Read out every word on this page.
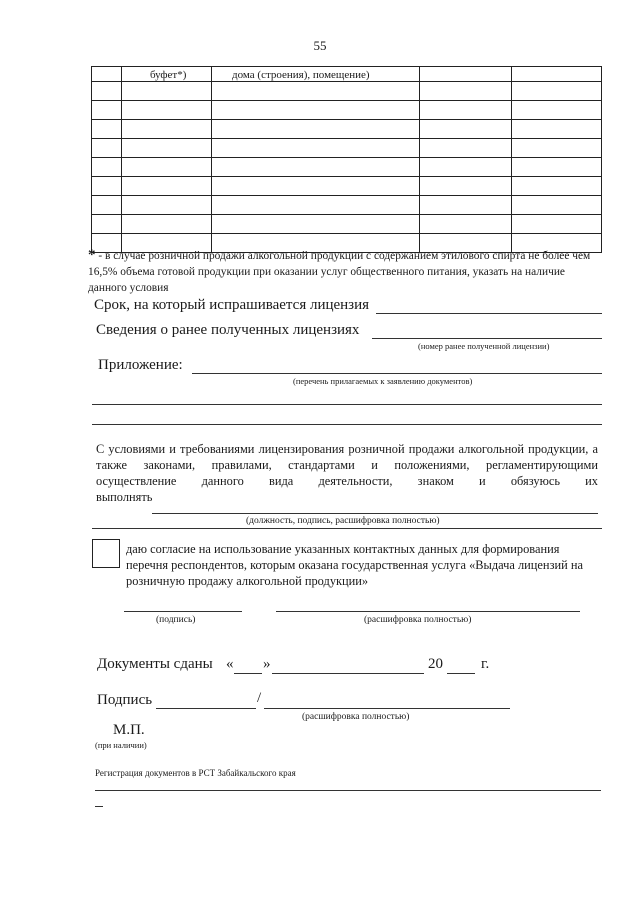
55
	буфет*)	дома (строения), помещение)		

* - в случае розничной продажи алкогольной продукции с содержанием этилового спирта не более чем 16,5% объема готовой продукции при оказании услуг общественного питания, указать на наличие данного условия
Срок, на который испрашивается лицензия
Сведения о ранее полученных лицензиях
(номер ранее полученной лицензии)
Приложение:
(перечень прилагаемых к заявлению документов)
С условиями и требованиями лицензирования розничной продажи алкогольной продукции, а также законами, правилами, стандартами и положениями, регламентирующими осуществление данного вида деятельности, знаком и обязуюсь их
выполнять
(должность, подпись, расшифровка полностью)
даю согласие на использование указанных контактных данных для формирования перечня респондентов, которым оказана государственная услуга «Выдача лицензий на розничную продажу алкогольной продукции»
(подпись)	(расшифровка полностью)
Документы сданы « »	20	г.
Подпись	/
(расшифровка полностью)
М.П.
(при наличии)
Регистрация документов в РСТ Забайкальского края
